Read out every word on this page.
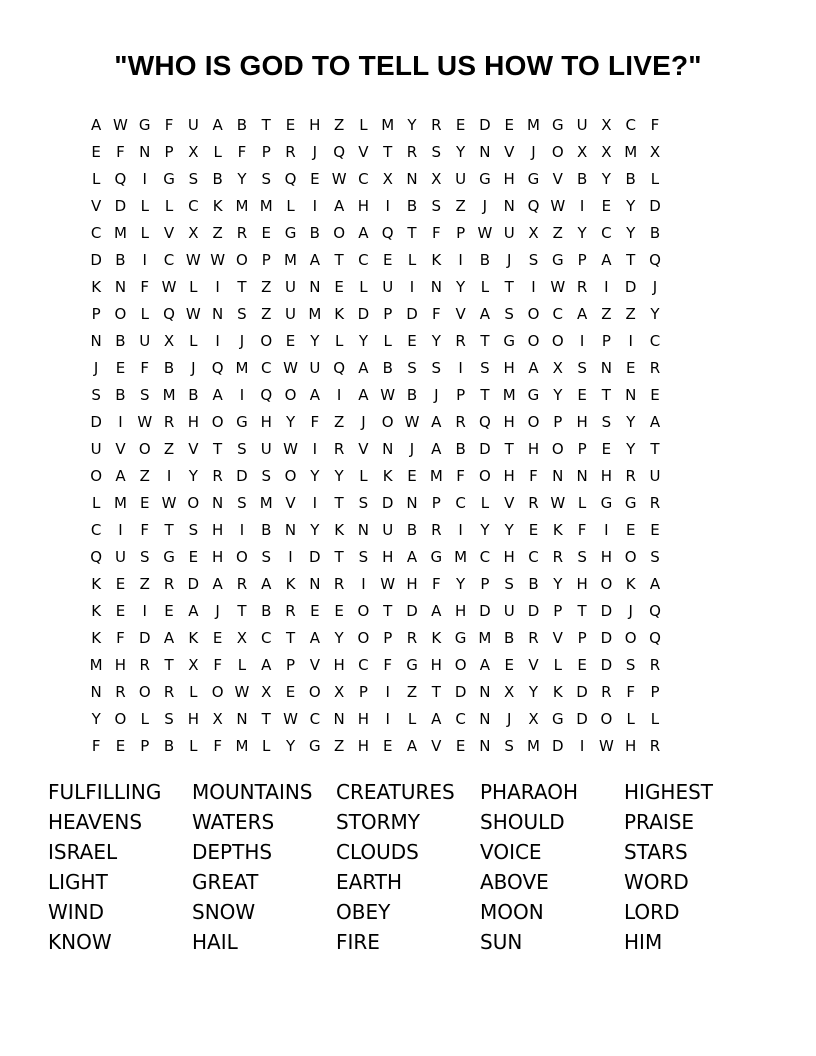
"WHO IS GOD TO TELL US HOW TO LIVE?"
A W G F U A B T E H Z L M Y R E D E M G U X C F
E	F N P X L	F	P R	J	Q V T R S Y N V	J	O X X M X
L Q	I	G S B Y S Q E W C X N X U G H G V B Y B L
V D L	L C K M M L	I	A H	I	B S Z	J	N Q W I	E Y D
C M L V X Z R E G B O A Q T	F	P W U X Z Y C Y B
D B	I	C W W O P M A T C E	L	K	I	B	J	S G P A T Q
K N F W L	I	T Z U N E	L U	I	N Y	L	T	I W R	I	D	J
P O L Q W N S Z U M K D P D F V A S O C A Z Z Y
N B U X L	I	J	O E Y	L	Y	L	E Y R T G O O	I	P	I	C
J	E	F B	J	Q M C W U Q A B S S	I	S H A X S N E R
S B S M B A	I	Q O A	I	A W B	J	P	T M G Y E T N E
D	I W R H O G H Y	F Z	J	O W A R Q H O P H S Y A
U V O Z V T S U W I	R V N	J	A B D T H O P	E Y	T
O A Z	I	Y R D S O Y	Y	L	K E M F O H F N N H R U
L M E W O N S M V	I	T S D N P C L V R W L G G R
C	I	F	T S H	I	B N Y K N U B R	I	Y	Y E K	F	I	E E
Q U S G E H O S	I	D T S H A G M C H C R S H O S
K E Z R D A R A K N R	I W H F	Y	P	S B Y H O K A
K E	I	E A	J	T B R E E O T D A H D U D P	T D	J	Q
K	F D A K E X C T A Y O P R K G M B R V P D O Q
M H R T X F	L A P V H C F G H O A E V L	E D S R
N R O R L O W X E O X P	I	Z T D N X Y K D R F	P
Y O L	S H X N T W C N H	I	L A C N	J	X G D O L	L
F	E	P B L	F M L	Y G Z H E A V E N S M D	I W H R
FULFILLING	MOUNTAINS	CREATURES	PHARAOH	HIGHEST
HEAVENS	WATERS	STORMY	SHOULD	PRAISE
ISRAEL	DEPTHS	CLOUDS	VOICE	STARS
LIGHT	GREAT	EARTH	ABOVE	WORD
WIND	SNOW	OBEY	MOON	LORD
KNOW	HAIL	FIRE	SUN	HIM
